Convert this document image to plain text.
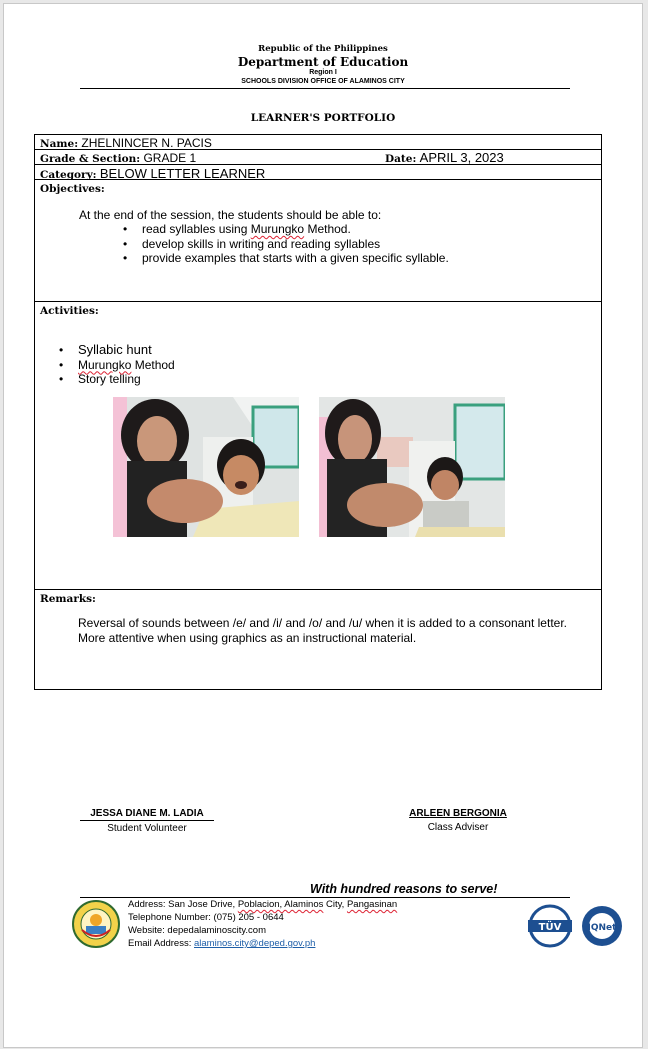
Republic of the Philippines
Department of Education
Region I
SCHOOLS DIVISION OFFICE OF ALAMINOS CITY
LEARNER'S PORTFOLIO
Name: ZHELNINCER N. PACIS
Grade & Section: GRADE 1	Date: APRIL 3, 2023
Category: BELOW LETTER LEARNER
Objectives:
At the end of the session, the students should be able to:
• read syllables using Murungko Method.
• develop skills in writing and reading syllables
• provide examples that starts with a given specific syllable.
Activities:
• Syllabic hunt
• Murungko Method
• Story telling
Remarks:
Reversal of sounds between /e/ and /i/ and /o/ and /u/ when it is added to a consonant letter.
More attentive when using graphics as an instructional material.
JESSA DIANE M. LADIA
Student Volunteer
ARLEEN BERGONIA
Class Adviser
With hundred reasons to serve!
Address: San Jose Drive, Poblacion, Alaminos City, Pangasinan
Telephone Number: (075) 205 - 0644
Website: depedalaminoscity.com
Email Address: alaminos.city@deped.gov.ph
TÜV	IQNet
